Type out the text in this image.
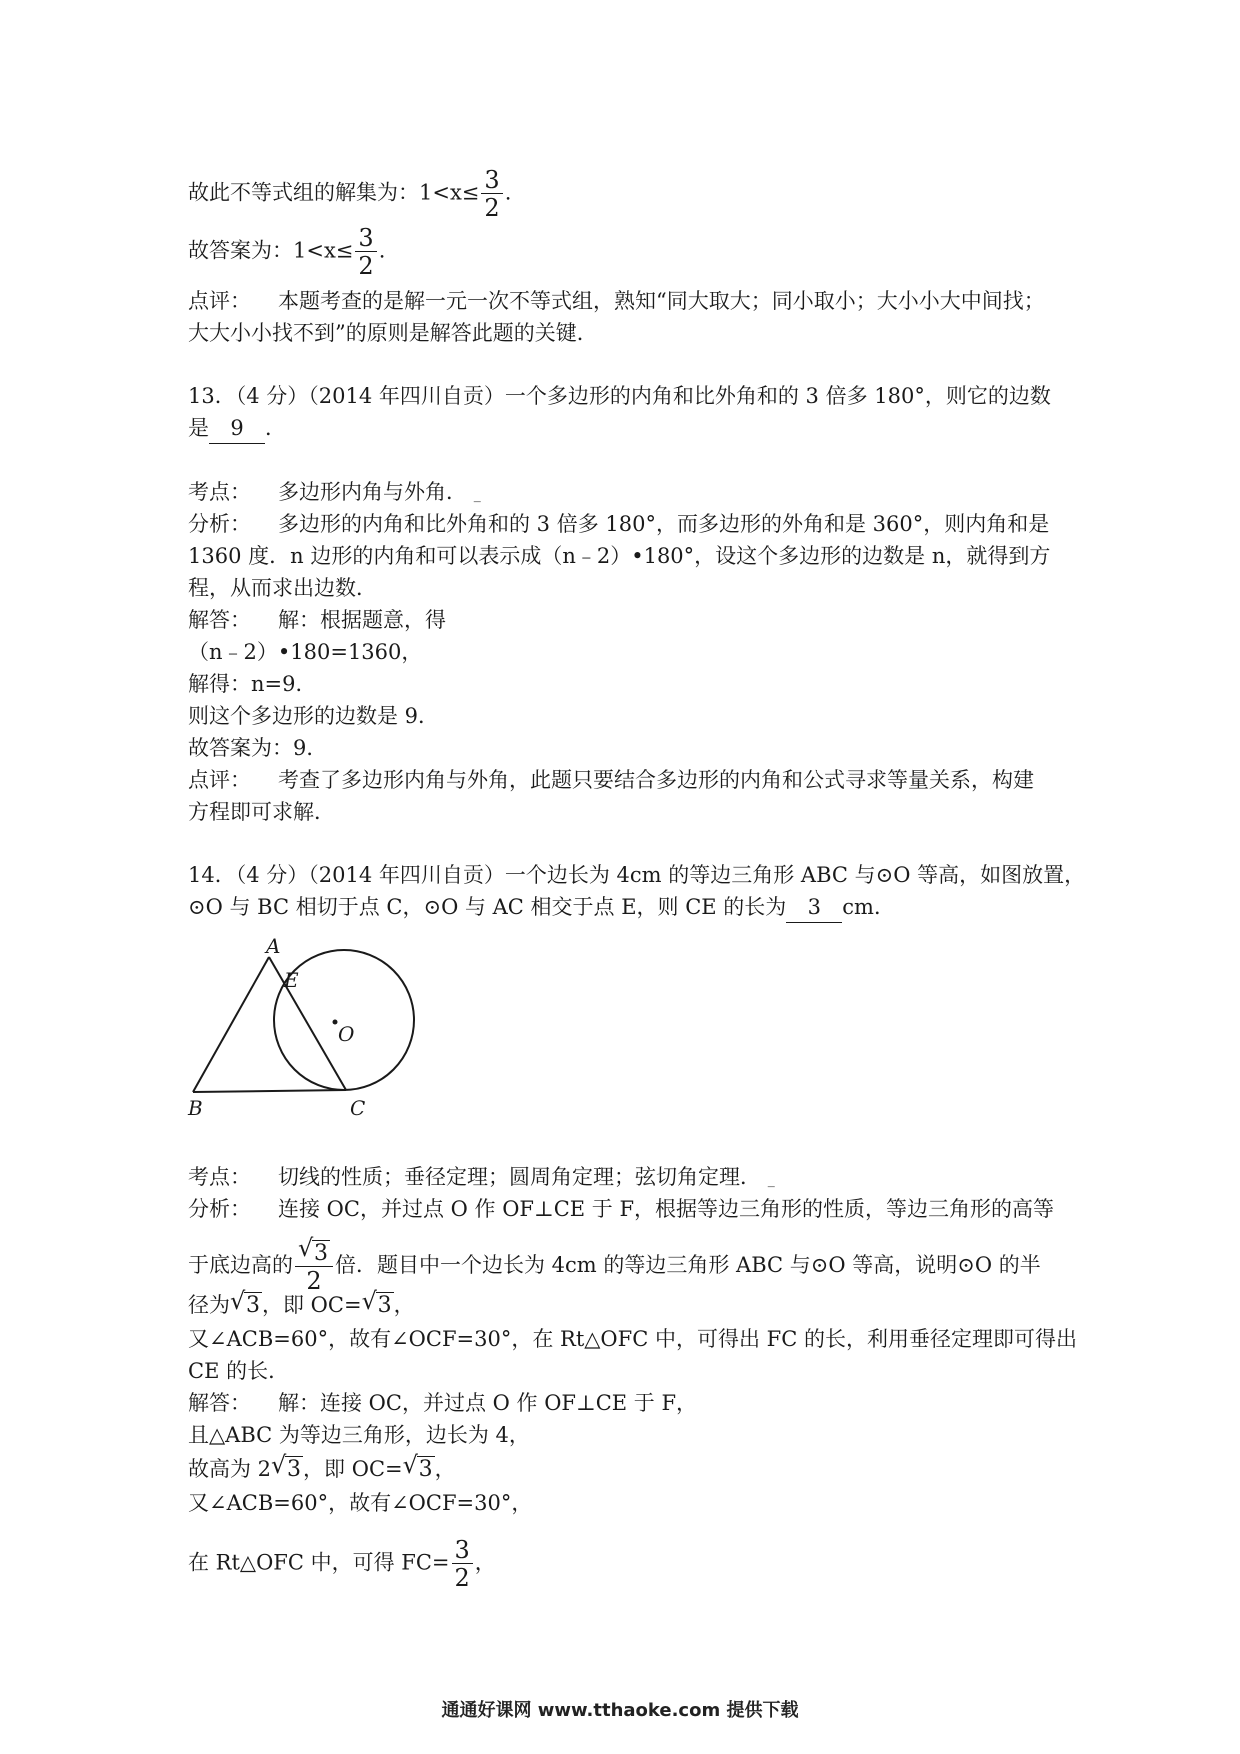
故此不等式组的解集为：$1<x\le \frac{3}{2}$ .
故答案为：$1<x\le \frac{3}{2}$ .
点评： 本题考查的是解一元一次不等式组，熟知“同大取大；同小取小；大小小大中间找；
大大小小找不到”的原则是解答此题的关键．
13．（4 分）（2014 年四川自贡）一个多边形的内角和比外角和的 3 倍多 180°，则它的边数
是 9 ．
考点： 多边形内角与外角． _
分析： 多边形的内角和比外角和的 3 倍多 180°，而多边形的外角和是 360°，则内角和是
1360 度．n 边形的内角和可以表示成（n﹣2）•180°，设这个多边形的边数是 n，就得到方
程，从而求出边数．
解答： 解：根据题意，得
（n﹣2）•180=1360，
解得：n=9．
则这个多边形的边数是 9．
故答案为：9．
点评： 考查了多边形内角与外角，此题只要结合多边形的内角和公式寻求等量关系，构建
方程即可求解．
14．（4 分）（2014 年四川自贡）一个边长为 4cm 的等边三角形 ABC 与⊙O 等高，如图放置，
⊙O 与 BC 相切于点 C，⊙O 与 AC 相交于点 E，则 CE 的长为 3 cm．
A
B	C
E
O
考点： 切线的性质；垂径定理；圆周角定理；弦切角定理． _
分析： 连接 OC，并过点 O 作 OF⊥CE 于 F，根据等边三角形的性质，等边三角形的高等
于底边高的 $\frac{√ 3}{2}$ 倍．题目中一个边长为 4cm 的等边三角形 ABC 与⊙O 等高，说明⊙O 的半
径为 √ 3，即 OC= √ 3，
又∠ACB=60°，故有∠OCF=30°，在 Rt△OFC 中，可得出 FC 的长，利用垂径定理即可得出
CE 的长．
解答： 解：连接 OC，并过点 O 作 OF⊥CE 于 F，
且△ABC 为等边三角形，边长为 4，
故高为 2 √ 3，即 OC= √ 3，
又∠ACB=60°，故有∠OCF=30°，
在 Rt△OFC 中，可得 $FC= \frac{3}{2}$ ，
通通好课网 www.tthaoke.com 提供下载
